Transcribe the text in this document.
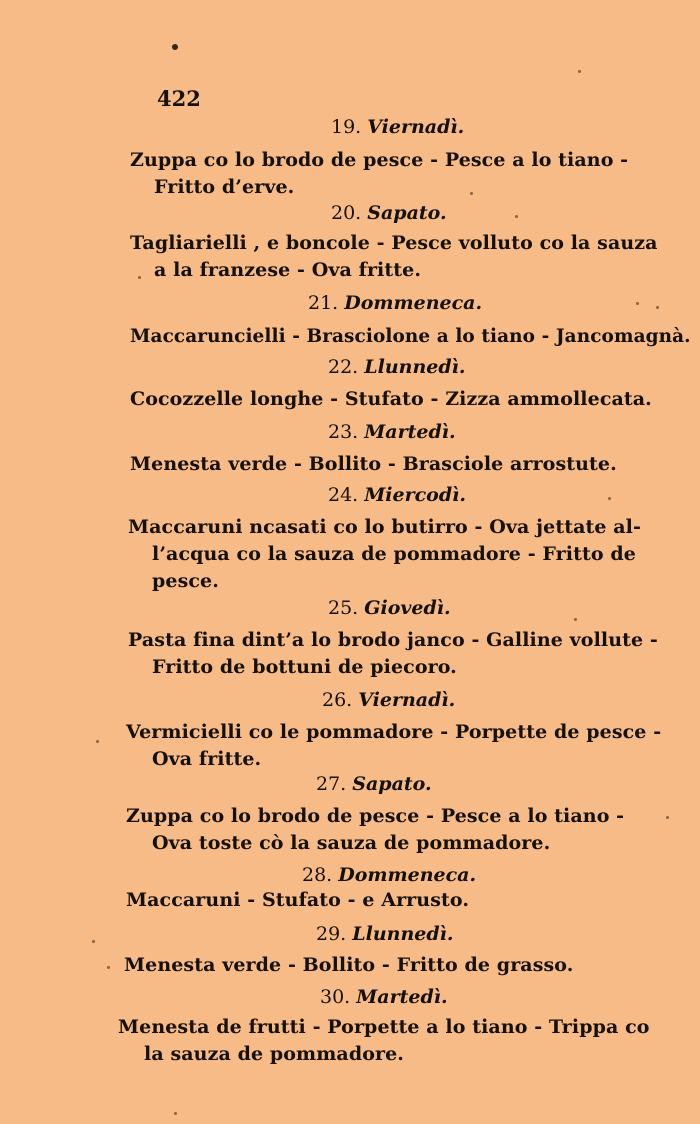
422
19. Viernadì.
Zuppa co lo brodo de pesce - Pesce a lo tiano -
Fritto d’erve.
20. Sapato.
Tagliarielli , e boncole - Pesce volluto co la sauza
a la franzese - Ova fritte.
21. Dommeneca.
Maccaruncielli - Brasciolone a lo tiano - Jancomagnà.
22. Llunnedì.
Cocozzelle longhe - Stufato - Zizza ammollecata.
23. Martedì.
Menesta verde - Bollito - Brasciole arrostute.
24. Miercodì.
Maccaruni ncasati co lo butirro - Ova jettate al-
l’acqua co la sauza de pommadore - Fritto de
pesce.
25. Giovedì.
Pasta fina dint’a lo brodo janco - Galline vollute -
Fritto de bottuni de piecoro.
26. Viernadì.
Vermicielli co le pommadore - Porpette de pesce -
Ova fritte.
27. Sapato.
Zuppa co lo brodo de pesce - Pesce a lo tiano -
Ova toste cò la sauza de pommadore.
28. Dommeneca.
Maccaruni - Stufato - e Arrusto.
29. Llunnedì.
Menesta verde - Bollito - Fritto de grasso.
30. Martedì.
Menesta de frutti - Porpette a lo tiano - Trippa co
la sauza de pommadore.
